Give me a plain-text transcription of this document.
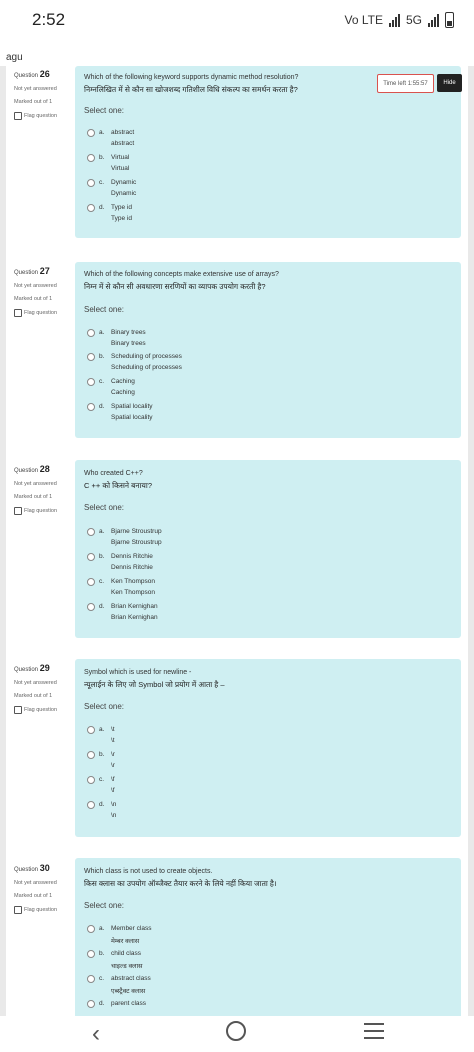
2:52	Vo LTE 5G
agu
Question 26
Not yet answered
Marked out of 1
Flag question
Which of the following keyword supports dynamic method resolution?
निम्नलिखित में से कौन सा खोजशब्द गतिशील विधि संकल्प का समर्थन करता है?
Select one:
a. abstract
abstract
b. Virtual
Virtual
c. Dynamic
Dynamic
d. Type id
Type id
Time left 1:55:57	Hide
Question 27
Not yet answered
Marked out of 1
Flag question
Which of the following concepts make extensive use of arrays?
निम्न में से कौन सी अवधारणा सरणियों का व्यापक उपयोग करती है?
Select one:
a. Binary trees
Binary trees
b. Scheduling of processes
Scheduling of processes
c. Caching
Caching
d. Spatial locality
Spatial locality
Question 28
Not yet answered
Marked out of 1
Flag question
Who created C++?
C ++ को किसने बनाया?
Select one:
a. Bjarne Stroustrup
Bjarne Stroustrup
b. Dennis Ritchie
Dennis Ritchie
c. Ken Thompson
Ken Thompson
d. Brian Kernighan
Brian Kernighan
Question 29
Not yet answered
Marked out of 1
Flag question
Symbol which is used for newline -
न्यूलाईन के लिए जो Symbol जो प्रयोग में आता है –
Select one:
a. \t
\t
b. \r
\r
c. \f
\f
d. \n
\n
Question 30
Not yet answered
Marked out of 1
Flag question
Which class is not used to create objects.
किस क्लास का उपयोग ऑब्जैक्ट तैयार करने के लिये नहीं किया जाता है।
Select one:
a. Member class
मेम्बर क्लास
b. child class
चाइल्ड क्लास
c. abstract class
एब्स्ट्रैक्ट क्लास
d. parent class
‹
